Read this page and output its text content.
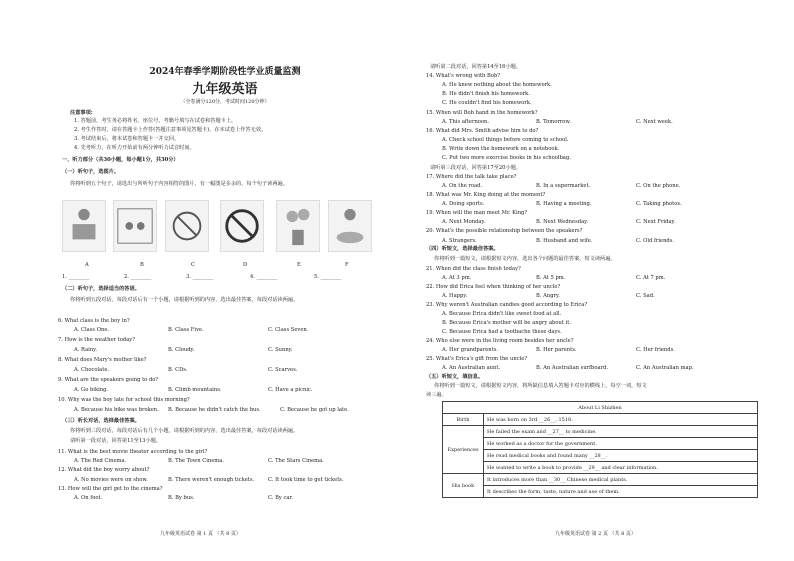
2024年春季学期阶段性学业质量监测
九年级英语
（全卷满分120分，考试时间120分钟）
注意事项:
1. 答题前，考生务必将姓名、座位号、考籍号填写在试卷和答题卡上。
2. 考生作答时，请在答题卡上作答(答题注意事项见答题卡)，在本试卷上作答无效。
3. 考试结束后，将本试卷和答题卡一并交回。
4. 先考听力，在听力开始前有两分钟听力试音时间。
一、听力部分（共30小题，每小题1分，共30分）
（一）听句子，选图片。
你将听到五个句子，请选出与所听句子内容相符的图片，有一幅图是多余的，每个句子读两遍。
A	B	C	D	E	F
1. ________	2. ________	3. ________	4. ________	5. ________
（二）听句子，选择适当的答语。
你将听到五段对话，每段对话后有一个小题，请根据听到的内容，选出最佳答案，每段对话读两遍。
6. What class is the boy in?
A. Class One.	B. Class Five.	C. Class Seven.
7. How is the weather today?
A. Rainy.	B. Cloudy.	C. Sunny.
8. What does Mary's mother like?
A. Chocolate.	B. CDs.	C. Scarves.
9. What are the speakers going to do?
A. Go biking.	B. Climb mountains.	C. Have a picnic.
10. Why was the boy late for school this morning?
A. Because his bike was broken. B. Because he didn't catch the bus.	C. Because he got up late.
（三）听长对话，选择最佳答案。
你将听到三段对话，每段对话后有几个小题，请根据听到的内容，选出最佳答案，每段对话读两遍。
请听第一段对话，回答第11至13小题。
11. What is the best movie theater according to the girl?
A. The Red Cinema.	B. The Town Cinema.	C. The Stars Cinema.
12. What did the boy worry about?
A. No movies were on show.	B. There weren't enough tickets.	C. It took time to get tickets.
13. How will the girl get to the cinema?
A. On foot.	B. By bus.	C. By car.
九年级英语试卷 第 1 页 （共 8 页）
请听第二段对话，回答第14至16小题。
14. What's wrong with Bob?
A. He knew nothing about the homework.
B. He didn't finish his homework.
C. He couldn't find his homework.
15. When will Bob hand in the homework?
A. This afternoon.	B. Tomorrow.	C. Next week.
16. What did Mrs. Smith advise him to do?
A. Check school things before coming to school.
B. Write down the homework on a notebook.
C. Put two more exercise books in his schoolbag.
请听第三段对话，回答第17至20小题。
17. Where did the talk take place?
A. On the road.	B. In a supermarket.	C. On the phone.
18. What was Mr. King doing at the moment?
A. Doing sports.	B. Having a meeting.	C. Taking photos.
19. When will the man meet Mr. King?
A. Next Monday.	B. Next Wednesday.	C. Next Friday.
20. What's the possible relationship between the speakers?
A. Strangers.	B. Husband and wife.	C. Old friends.
（四）听短文，选择最佳答案。
你将听到一篇短文，请根据短文内容，选出各个问题的最佳答案，短文读两遍。
21. When did the class finish today?
A. At 3 pm.	B. At 5 pm.	C. At 7 pm.
22. How did Erica feel when thinking of her uncle?
A. Happy.	B. Angry.	C. Sad.
23. Why weren't Australian candies good according to Erica?
A. Because Erica didn't like sweet food at all.
B. Because Erica's mother will be angry about it.
C. Because Erica had a toothache these days.
24. Who else were in the living room besides her uncle?
A. Her grandparents.	B. Her parents.	C. Her friends.
25. What's Erica's gift from the uncle?
A. An Australian aunt.	B. An Australian surfboard.	C. An Australian map.
（五）听短文，填信息。
你将听到一篇短文，请根据短文内容，将所缺信息填入答题卡对应的横线上，每空一词，短文
读三遍。
About Li Shizhen	
Birth	He was born on 3rd __26__, 1518.
Experiences	He failed the exam and __27__ to medicine.
	He worked as a doctor for the government.
	He read medical books and found many __28__.
	He wanted to write a book to provide __29__ and clear information.
His book	It introduces more than __30__ Chinese medical plants.
	It describes the form, taste, nature and use of them.
九年级英语试卷 第 2 页 （共 8 页）
